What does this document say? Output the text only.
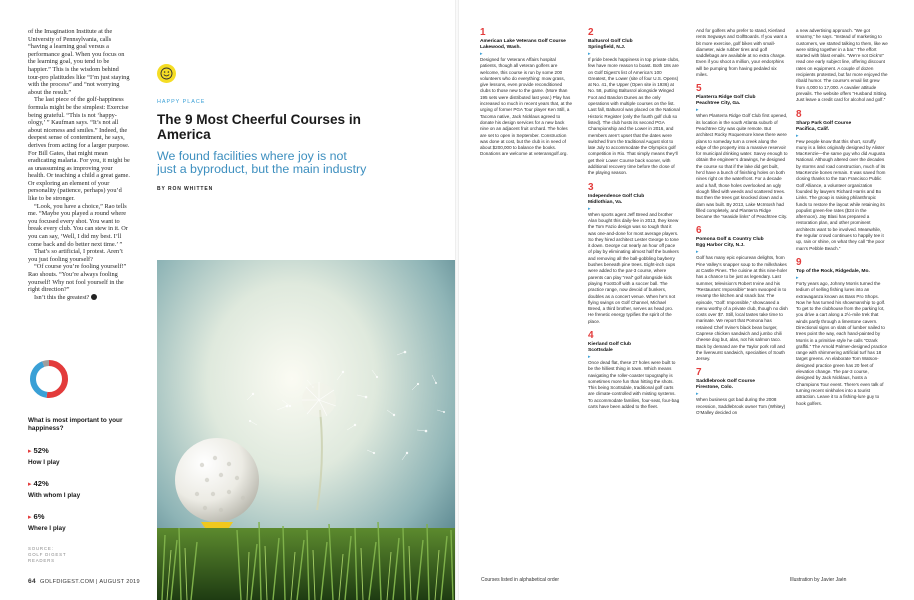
of the Imagination Institute at the University of Pennsylvania, calls “having a learning goal versus a performance goal. When you focus on the learning goal, you tend to be happier.” This is the wisdom behind tour-pro platitudes like “I’m just staying with the process” and “not worrying about the result.”

The last piece of the golf-happiness formula might be the simplest: Exercise being grateful. “This is not ‘happy-ology,’ ” Kaufman says. “It’s not all about niceness and smiles.” Indeed, the deepest sense of contentment, he says, derives from acting for a larger purpose. For Bill Gates, that might mean eradicating malaria. For you, it might be as unassuming as improving your health. Or teaching a child a great game. Or exploring an element of your personality (patience, perhaps) you’d like to be stronger.

“Look, you have a choice,” Rao tells me. “Maybe you played a round where you focused every shot. You want to break every club. You can stew in it. Or you can say, ‘Well, I did my best. I’ll come back and do better next time.’ ”

That’s so artificial, I protest. Aren’t you just fooling yourself?

“Of course you’re fooling yourself!” Rao shouts. “You’re always fooling yourself! Why not fool yourself in the right direction?”

Isn’t this the greatest?	G

What is most important to your happiness?
▸ 52%
How I play
▸ 42%
With whom I play
▸ 6%
Where I play
SOURCE: GOLF DIGEST READERS
64 GOLFDIGEST.COM | AUGUST 2019
HAPPY PLACE
The 9 Most Cheerful Courses in America
We found facilities where joy is not just a byproduct, but the main industry
BY RON WHITTEN
1
American Lake Veterans Golf Course
Lakewood, Wash.
▸

Designed for Veterans Affairs hospital patients, though all veteran golfers are welcome, this course is run by some 200 volunteers who do everything: mow grass, give lessons, even provide reconditioned clubs to those new to the game. (More than 195 sets were distributed last year.) Play has increased so much in recent years that, at the urging of former PGA Tour player Ken Still, a Tacoma native, Jack Nicklaus agreed to donate his design services for a new back nine on an adjacent fruit orchard. The holes are set to open in September. Construction was done at cost, but the club is in need of about $200,000 to balance the books. Donations are welcome at veteransgolf.org.

2
Baltusrol Golf Club
Springfield, N.J.
▸

If pride breeds happiness in top private clubs, few have more reason to boast. Both 18s are on Golf Digest’s list of America’s 100 Greatest, the Lower (site of four U.S. Opens) at No. 41, the Upper (Open site in 1936) at No. 58, putting Baltusrol alongside Winged Foot and Bandon Dunes as the only operations with multiple courses on the list. Last fall, Baltusrol was placed on the National Historic Register (only the fourth golf club so listed). The club hosts its second PGA Championship and the Lower in 2016, and members aren’t upset that the dates were switched from the traditional August slot to late July to accommodate the Olympics golf competition in Rio. That simply means they’ll get their Lower Course back sooner, with additional recovery time before the close of the playing season.

3
Independence Golf Club
Midlothian, Va.
▸

When sports agent Jeff Breed and brother Alan bought this daily-fee in 2013, they knew the Tom Fazio design was so tough that it was one-and-done for most average players. So they hired architect Lester George to tone it down. George cut nearly an hour off pace of play by eliminating almost half the bunkers and removing all the ball-gobbling bayberry bushes beneath pine trees. Eight-inch cups were added to the par-3 course, where parents can play “real” golf alongside kids playing FootGolf with a soccer ball. The practice range, now devoid of bunkers, doubles as a concert venue. When he’s not flying swings on Golf Channel, Michael Breed, a third brother, serves as head pro. He frenetic energy typifies the spirit of the place.

4
Kierland Golf Club
Scottsdale
▸

Once dead flat, these 27 holes were built to be the hilliest thing in town. Which means navigating the roller-coaster topography is sometimes more fun than hitting the shots. This being Scottsdale, traditional golf carts are climate-controlled with misting systems. To accommodate families, four-seat, four-bag carts have been added to the fleet.

And for golfers who prefer to stand, Kierland rents Segways and GolfBoards. If you want a bit more exercise, golf bikes with small-diameter, wide rubber tires and golf saddlebags are available at no extra charge. Even if you shoot a million, your endorphins will be pumping from having pedaled six miles.

5
Planterra Ridge Golf Club
Peachtree City, Ga.
▸

When Planterra Ridge Golf Club first opened, its location in the south Atlanta suburb of Peachtree City was quite remote. But architect Rocky Roquemore knew there were plans to someday turn a creek along the edge of the property into a massive reservoir for municipal drinking water. Savvy enough to obtain the engineer’s drawings, he designed the course so that if the lake did get built, he’d have a bunch of finishing holes on both nines right on the waterfront. For a decade and a half, those holes overlooked an ugly slough filled with weeds and scattered trees. But then the trees got knocked down and a dam was built. By 2013, Lake McIntosh had filled completely, and Planterra Ridge became the “seaside links” of Peachtree City.

6
Pomona Golf & Country Club
Egg Harbor City, N.J.
▸

Golf has many epic epicurean delights, from Pine Valley’s snapper soup to the milkshakes at Castle Pines. The cuisine at this nine-holer has a chance to be just as legendary. Last summer, television’s Robert Irvine and his “Restaurant: Impossible” team swooped in to revamp the kitchen and snack bar. The episode, “Golf: Impossible,” showcased a menu worthy of a private club, though no dish costs over $7. Still, local tastes take time to marinate. We report that Pomona has retained Chef Irvine’s black bean burger, Caprese chicken sandwich and jumbo chili cheese dog but, alas, not his salmon taco. Back by demand are the Taylor pork roll and the liverwurst sandwich, specialties of South Jersey.

7
Saddlebrook Golf Course
Firestone, Colo.
▸

When business got bad during the 2008 recession, Saddlebrook owner Tom (Whitey) O’Malley decided on

a new advertising approach. “We got smarmy,” he says. “Instead of marketing to customers, we started talking to them, like we were sitting together in a bar.” The effort started with blast emails. “We’re not Dick’s!” read one early subject line, offering discount rates on equipment. A couple of dozen recipients protested, but far more enjoyed the ribald humor. The course’s email list grew from 4,000 to 17,000. A cavalier attitude prevails. The website offers “Husband Sitting. Just leave a credit card for alcohol and golf.”

8
Sharp Park Golf Course
Pacifica, Calif.
▸

Few people know that this short, scruffy muny is a links originally designed by Alister MacKenzie—the same guy who did Augusta National. Although altered over the decades by storms and road construction, much of its MacKenzie bones remain. It was saved from closing thanks to the San Francisco Public Golf Alliance, a volunteer organization founded by lawyers Richard Harris and Bo Links. The group is raising philanthropic funds to restore the layout while retaining its populist green-fee rates ($24 in the afternoon). Jay Blasi has prepared a restoration plan, and other prominent architects want to be involved. Meanwhile, the regular crowd continues to happily tee it up, rain or shine, on what they call “the poor man’s Pebble Beach.”

9
Top of the Rock, Ridgedale, Mo.
▸

Forty years ago, Johnny Morris turned the tedium of selling fishing lures into an extravaganza known as Bass Pro Shops. Now he has turned his showmanship to golf. To get to the clubhouse from the parking lot, you drive a cart along a 2½-mile trek that winds partly through a limestone cavern. Directional signs on slats of lumber nailed to trees point the way, each hand-painted by Morris in a primitive style he calls “Ozark graffiti.” The Arnold Palmer-designed practice range with shimmering artificial turf has 18 target greens. An elaborate Tom Watson-designed practice green has 20 feet of elevation change. The par-3 course, designed by Jack Nicklaus, hosts a Champions Tour event. There’s even talk of turning recent sinkholes into a tourist attraction. Leave it to a fishing-lure guy to hook golfers.

Courses listed in alphabetical order	Illustration by Javier Jaén
